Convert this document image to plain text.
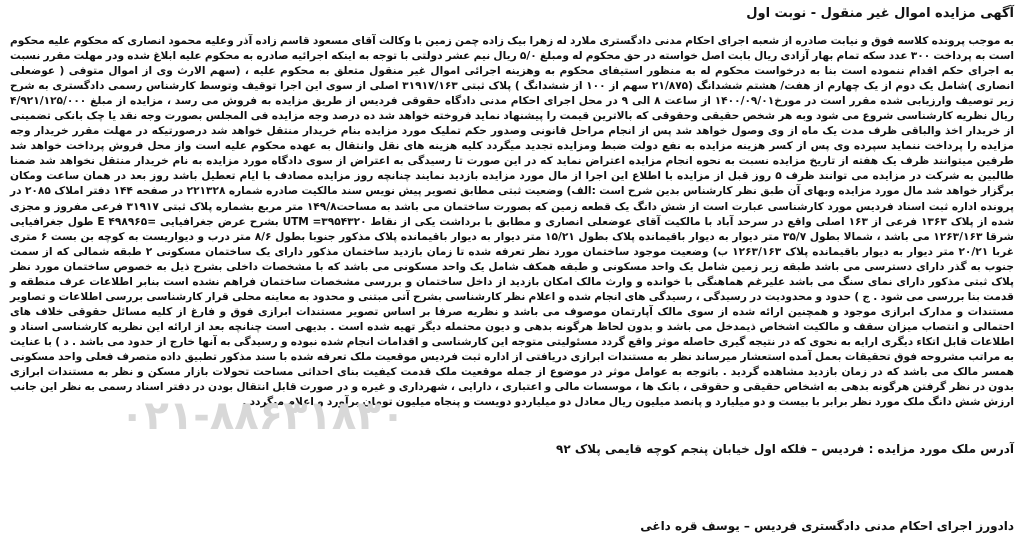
آگهی مزایده اموال غیر منقول - نوبت اول

به موجب پرونده کلاسه فوق و نیابت صادره از شعبه اجرای احکام مدنی دادگستری ملارد له زهرا بیک زاده چمن زمین با وکالت آقای مسعود قاسم زاده آذر وعلیه محمود انصاری که محکوم علیه محکوم است به پرداخت ۳۰۰ عدد سکه تمام بهار آزادی ریال بابت اصل خواسته در حق محکوم له ومبلغ ۵/۰ ریال نیم عشر دولتی با توجه به اینکه اجرائیه صادره به محکوم علیه ابلاغ شده ودر مهلت مقرر نسبت به اجرای حکم اقدام ننموده است بنا به درخواست محکوم له به منظور استیفای محکوم به وهزینه اجرائی اموال غیر منقول متعلق به محکوم علیه ، (سهم الارث وی از اموال متوفی ( عوضعلی انصاری )شامل یک دوم از یک چهارم از هفت/ هشتم ششدانگ (۲۱/۸۷۵ سهم از ۱۰۰ از ششدانگ ) پلاک ثبتی ۳۱۹۱۷/۱۶۳ اصلی از سوی این اجرا توقیف وتوسط کارشناس رسمی دادگستری به شرح زیر توصیف وارزیابی شده مقرر است در مورخ۱۴۰۰/۰۹/۰۱ از ساعت ۸ الی ۹ در محل اجرای احکام مدنی دادگاه حقوقی فردیس از طریق مزایده به فروش می رسد ، مزایده از مبلغ ۴/۹۲۱/۱۲۵/۰۰۰ ریال نظریه کارشناسی شروع می شود وبه هر شخص حقیقی وحقوقی که بالاترین قیمت را پیشنهاد نماید فروخته خواهد شد ده درصد وجه مزایده فی المجلس بصورت وجه نقد یا چک بانکی تضمینی از خریدار اخذ والباقی ظرف مدت یک ماه از وی وصول خواهد شد پس از انجام مراحل قانونی وصدور حکم تملیک مورد مزایده بنام خریدار منتقل خواهد شد درصورتیکه در مهلت مقرر خریدار وجه مزایده را پرداخت ننماید سپرده وی پس از کسر هزینه مزایده به نفع دولت ضبط ومزایده تجدید میگردد کلیه هزینه های نقل وانتقال به عهده محکوم علیه است واز محل فروش پرداخت خواهد شد طرفین میتوانند ظرف یک هفته از تاریخ مزایده نسبت به نحوه انجام مزایده اعتراض نماید که در این صورت تا رسیدگی به اعتراض از سوی دادگاه مورد مزایده به نام خریدار منتقل نخواهد شد ضمنا طالبین به شرکت در مزایده می توانند ظرف ۵ روز قبل از مزایده با اطلاع این اجرا از مال مورد مزایده بازدید نمایند چنانچه روز مزایده مصادف با ایام تعطیل باشد روز بعد در همان ساعت ومکان برگزار خواهد شد مال مورد مزایده وبهای آن طبق نظر کارشناس بدین شرح است :الف) وضعیت ثبتی مطابق تصویر پیش نویس سند مالکیت صادره شماره ۲۲۱۳۲۸ در صفحه ۱۴۴ دفتر املاک ۲۰۸۵ در پرونده اداره ثبت اسناد فردیس مورد کارشناسی عبارت است از شش دانگ یک قطعه زمین که بصورت ساختمان می باشد به مساحت۱۴۹/۸ متر مربع بشماره پلاک ثبتی ۳۱۹۱۷ فرعی مفروز و مجزی شده از پلاک ۱۳۶۳ فرعی از ۱۶۳ اصلی واقع در سرحد آباد با مالکیت آقای عوضعلی انصاری و مطابق با برداشت یکی از نقاط UTM =۳۹۵۴۳۲۰ بشرح عرض جغرافیایی =۴۹۸۹۶۵ E طول جغرافیایی شرقا ۱۲۶۳/۱۶۳ می باشد ، شمالا بطول ۳۵/۷ متر دیوار به دیوار باقیمانده پلاک بطول ۱۵/۲۱ متر دیوار به دیوار باقیمانده پلاک مذکور جنوبا بطول ۸/۶ متر درب و دیواریست به کوچه بن بست ۶ متری غربا ۲۰/۲۱ متر دیوار به دیوار باقیمانده پلاک ۱۲۶۳/۱۶۳ ب) وضعیت موجود ساختمان مورد نظر تعرفه شده تا زمان بازدید ساختمان مذکور دارای یک ساختمان مسکونی ۲ طبقه شمالی که از سمت جنوب به گذر دارای دسترسی می باشد طبقه زیر زمین شامل یک واحد مسکونی و طبقه همکف شامل یک واحد مسکونی می باشد که با مشخصات داخلی بشرح ذیل به خصوص ساختمان مورد نظر پلاک ثبتی مذکور دارای نمای سنگ می باشد علیرغم هماهنگی با خوانده و وارث مالک امکان بازدید از داخل ساختمان و بررسی مشخصات ساختمان فراهم نشده است بنابر اطلاعات عرف منطقه و قدمت بنا بررسی می شود . ج ) حدود و محدودیت در رسیدگی ، رسیدگی های انجام شده و اعلام نظر کارشناسی بشرح آتی مبتنی و محدود به معاینه محلی قرار کارشناسی بررسی اطلاعات و تصاویر مستندات و مدارک ابرازی موجود و همچنین ارائه شده از سوی مالک آپارتمان موصوف می باشد و نظریه صرفا بر اساس تصویر مستندات ابرازی فوق و فارغ از کلیه مسائل حقوقی خلاف های احتمالی و انتصاب میزان سقف و مالکیت اشخاص ذیمدخل می باشد و بدون لحاظ هرگونه بدهی و دیون محتمله دیگر تهیه شده است . بدیهی است چنانچه بعد از ارائه این نظریه کارشناسی اسناد و اطلاعات قابل اتکاء دیگری ارایه به نحوی که در نتیجه گیری حاصله موثر واقع گردد مسئولیتی متوجه این کارشناسی و اقدامات انجام شده نبوده و رسیدگی به آنها خارج از حدود می باشد . د ) با عنایت به مراتب مشروحه فوق تحقیقات بعمل آمده استعشار میرساند نظر به مستندات ابرازی دریافتی از اداره ثبت فردیس موقعیت ملک تعرفه شده با سند مذکور تطبیق داده متصرف فعلی واحد مسکونی همسر مالک می باشد که در زمان بازدید مشاهده گردید . باتوجه به عوامل موثر در موضوع از جمله موقعیت ملک قدمت کیفیت بنای احداثی مساحت تحولات بازار مسکن و نظر به مستندات ابرازی بدون در نظر گرفتن هرگونه بدهی به اشخاص حقیقی و حقوقی ، بانک ها ، موسسات مالی و اعتباری ، دارایی ، شهرداری و غیره و در صورت قابل انتقال بودن در دفتر اسناد رسمی به نظر این جانب ارزش شش دانگ ملک مورد نظر برابر با بیست و دو میلیارد و پانصد میلیون ریال معادل دو میلیاردو دویست و پنجاه میلیون تومان برآورد و اعلام میگردد .

۰۲۱-۸۸۶۳۱۸۳۰
آدرس ملک مورد مزایده : فردیس – فلکه اول خیابان پنجم کوچه قایمی پلاک ۹۲
دادورز اجرای احکام مدنی دادگستری فردیس – یوسف قره داغی
